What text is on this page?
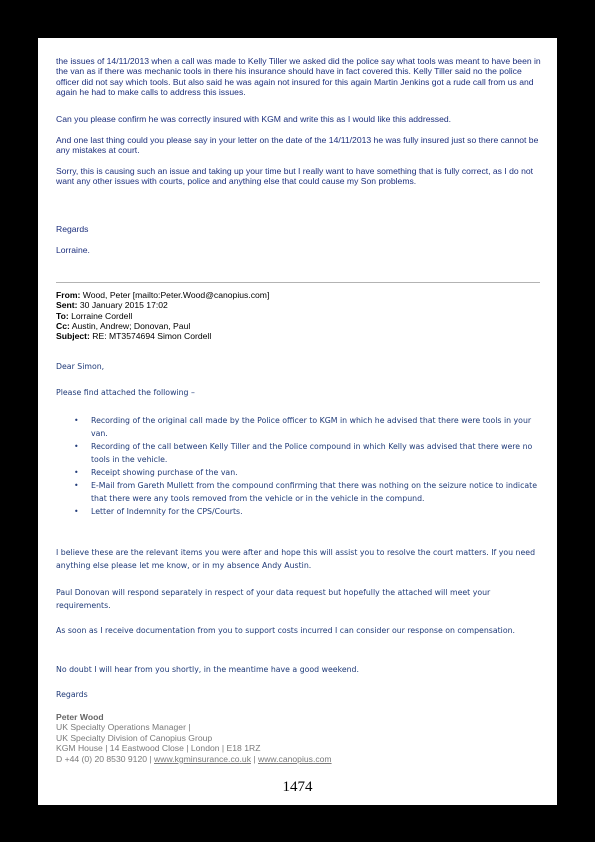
the issues of 14/11/2013 when a call was made to Kelly Tiller we asked did the police say what tools was meant to have been in the van as if there was mechanic tools in there his insurance should have in fact covered this. Kelly Tiller said no the police officer did not say which tools. But also said he was again not insured for this again Martin Jenkins got a rude call from us and again he had to make calls to address this issues.

Can you please confirm he was correctly insured with KGM and write this as I would like this addressed.

And one last thing could you please say in your letter on the date of the 14/11/2013 he was fully insured just so there cannot be any mistakes at court.

Sorry, this is causing such an issue and taking up your time but I really want to have something that is fully correct, as I do not want any other issues with courts, police and anything else that could cause my Son problems.

Regards

Lorraine.

From: Wood, Peter [mailto:Peter.Wood@canopius.com]
Sent: 30 January 2015 17:02
To: Lorraine Cordell
Cc: Austin, Andrew; Donovan, Paul
Subject: RE: MT3574694 Simon Cordell

Dear Simon,

Please find attached the following –

• Recording of the original call made by the Police officer to KGM in which he advised that there were tools in your van.
• Recording of the call between Kelly Tiller and the Police compound in which Kelly was advised that there were no tools in the vehicle.
• Receipt showing purchase of the van.
• E-Mail from Gareth Mullett from the compound confirming that there was nothing on the seizure notice to indicate that there were any tools removed from the vehicle or in the vehicle in the compund.
• Letter of Indemnity for the CPS/Courts.

I believe these are the relevant items you were after and hope this will assist you to resolve the court matters. If you need anything else please let me know, or in my absence Andy Austin.

Paul Donovan will respond separately in respect of your data request but hopefully the attached will meet your requirements.

As soon as I receive documentation from you to support costs incurred I can consider our response on compensation.

No doubt I will hear from you shortly, in the meantime have a good weekend.

Regards

Peter Wood
UK Specialty Operations Manager |
UK Specialty Division of Canopius Group
KGM House | 14 Eastwood Close | London | E18 1RZ
D +44 (0) 20 8530 9120 | www.kgminsurance.co.uk | www.canopius.com
1474
